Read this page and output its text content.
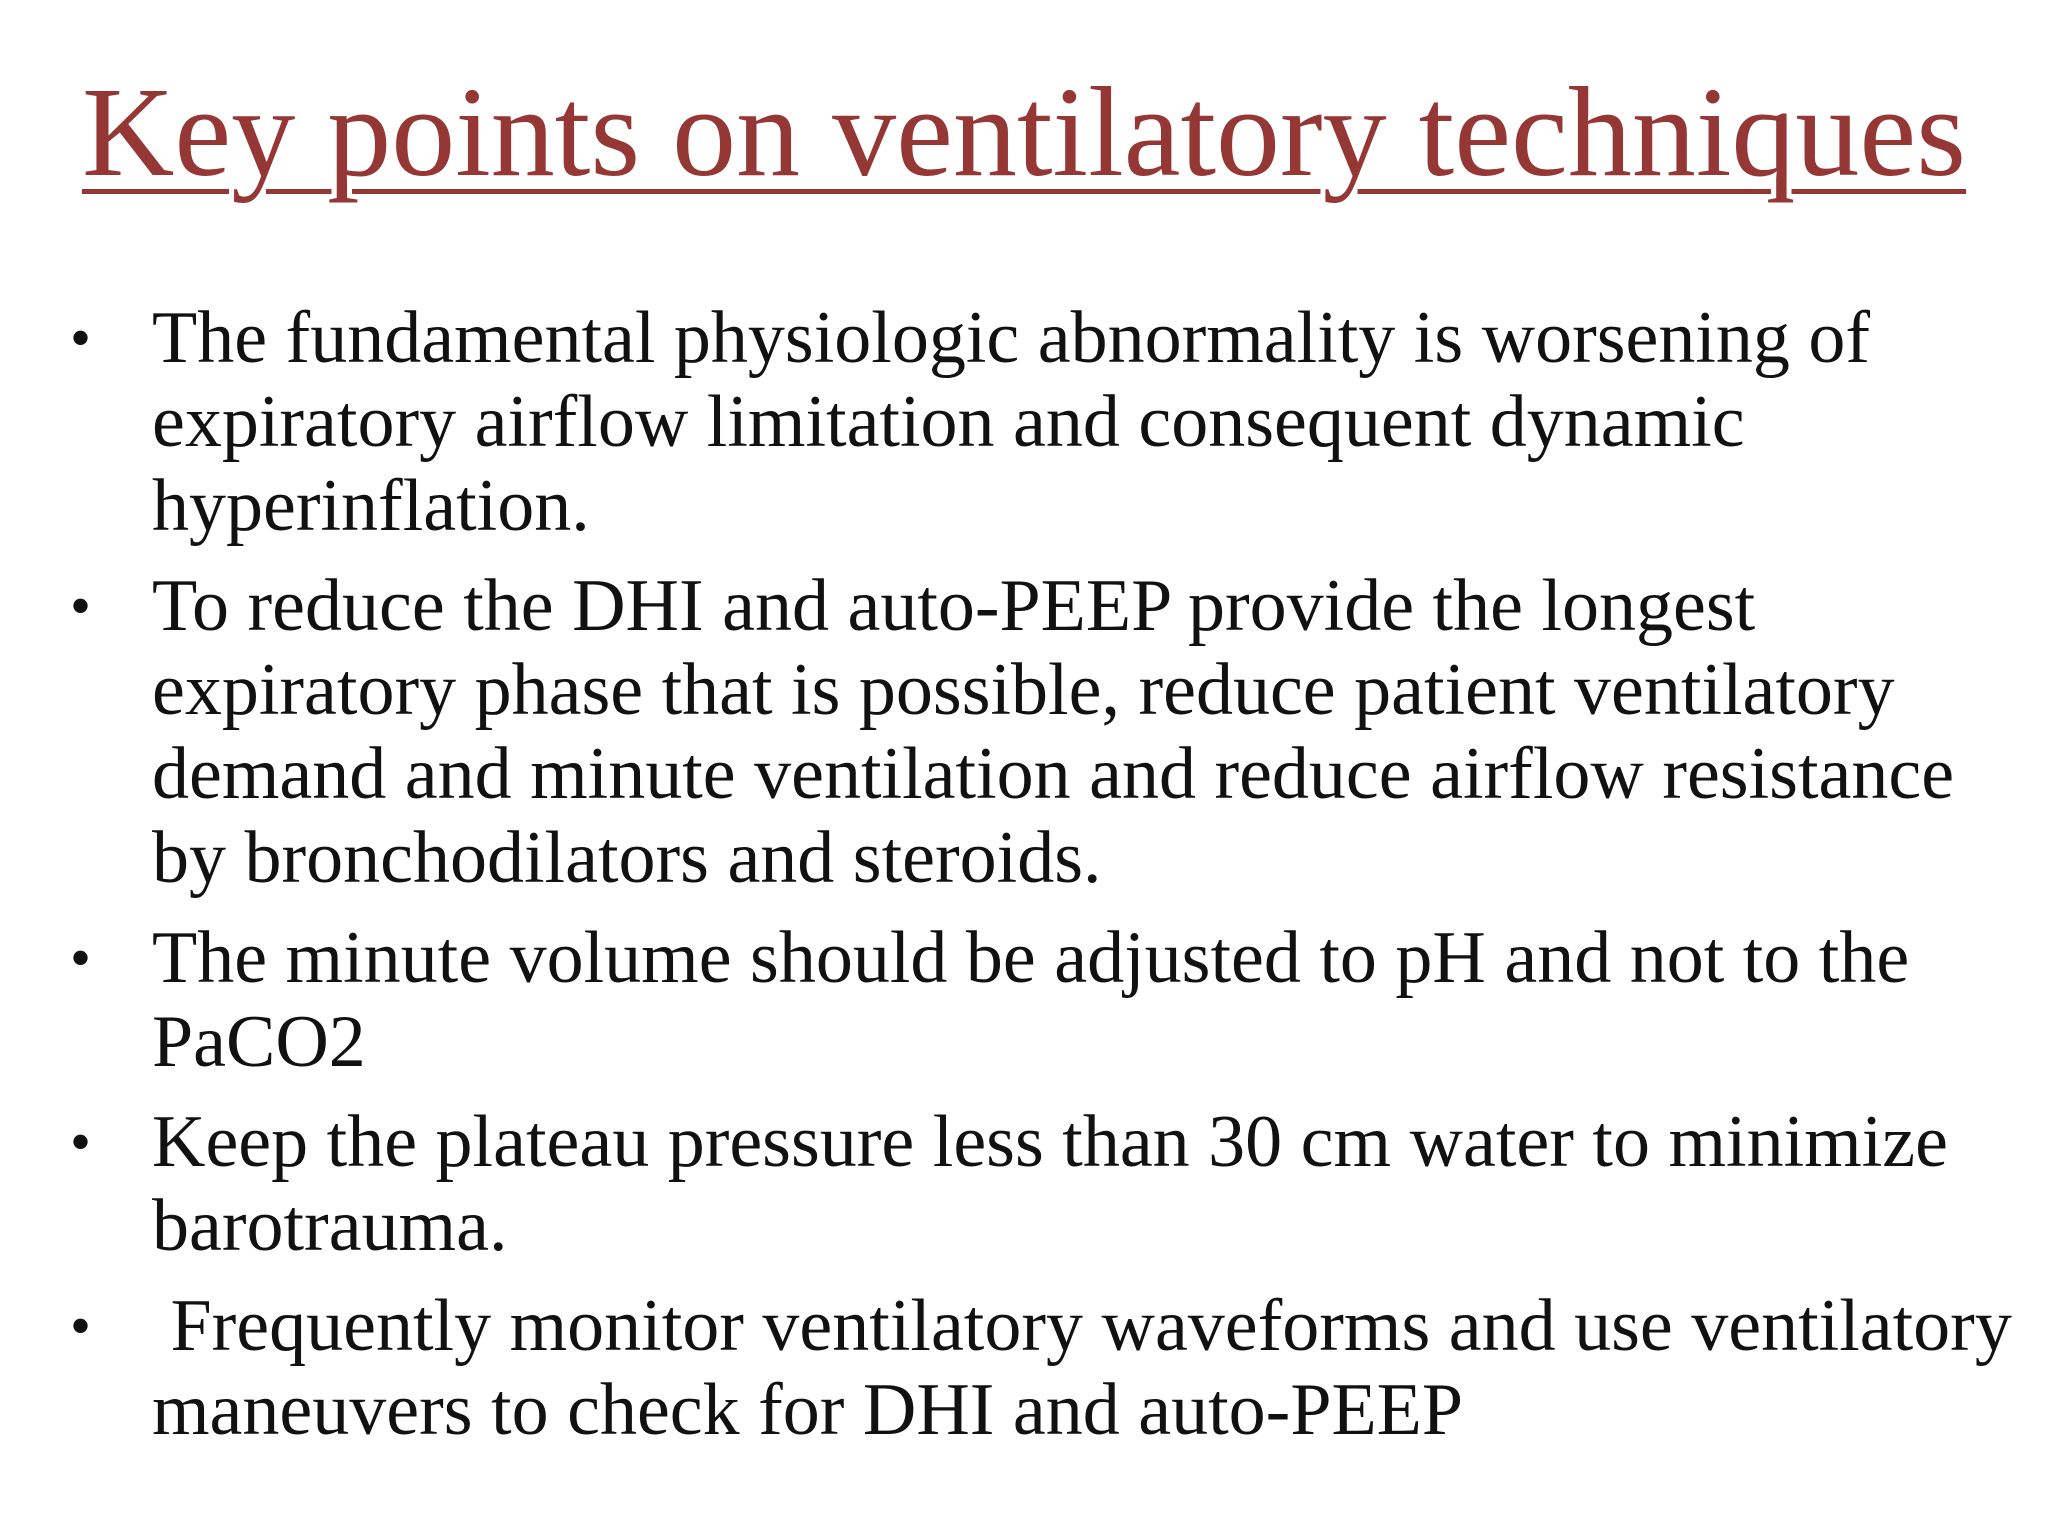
Key points on ventilatory techniques
• The fundamental physiologic abnormality is worsening of expiratory airflow limitation and consequent dynamic hyperinflation.
• To reduce the DHI and auto-PEEP provide the longest expiratory phase that is possible, reduce patient ventilatory demand and minute ventilation and reduce airflow resistance by bronchodilators and steroids.
• The minute volume should be adjusted to pH and not to the PaCO2
• Keep the plateau pressure less than 30 cm water to minimize barotrauma.
• Frequently monitor ventilatory waveforms and use ventilatory maneuvers to check for DHI and auto-PEEP
